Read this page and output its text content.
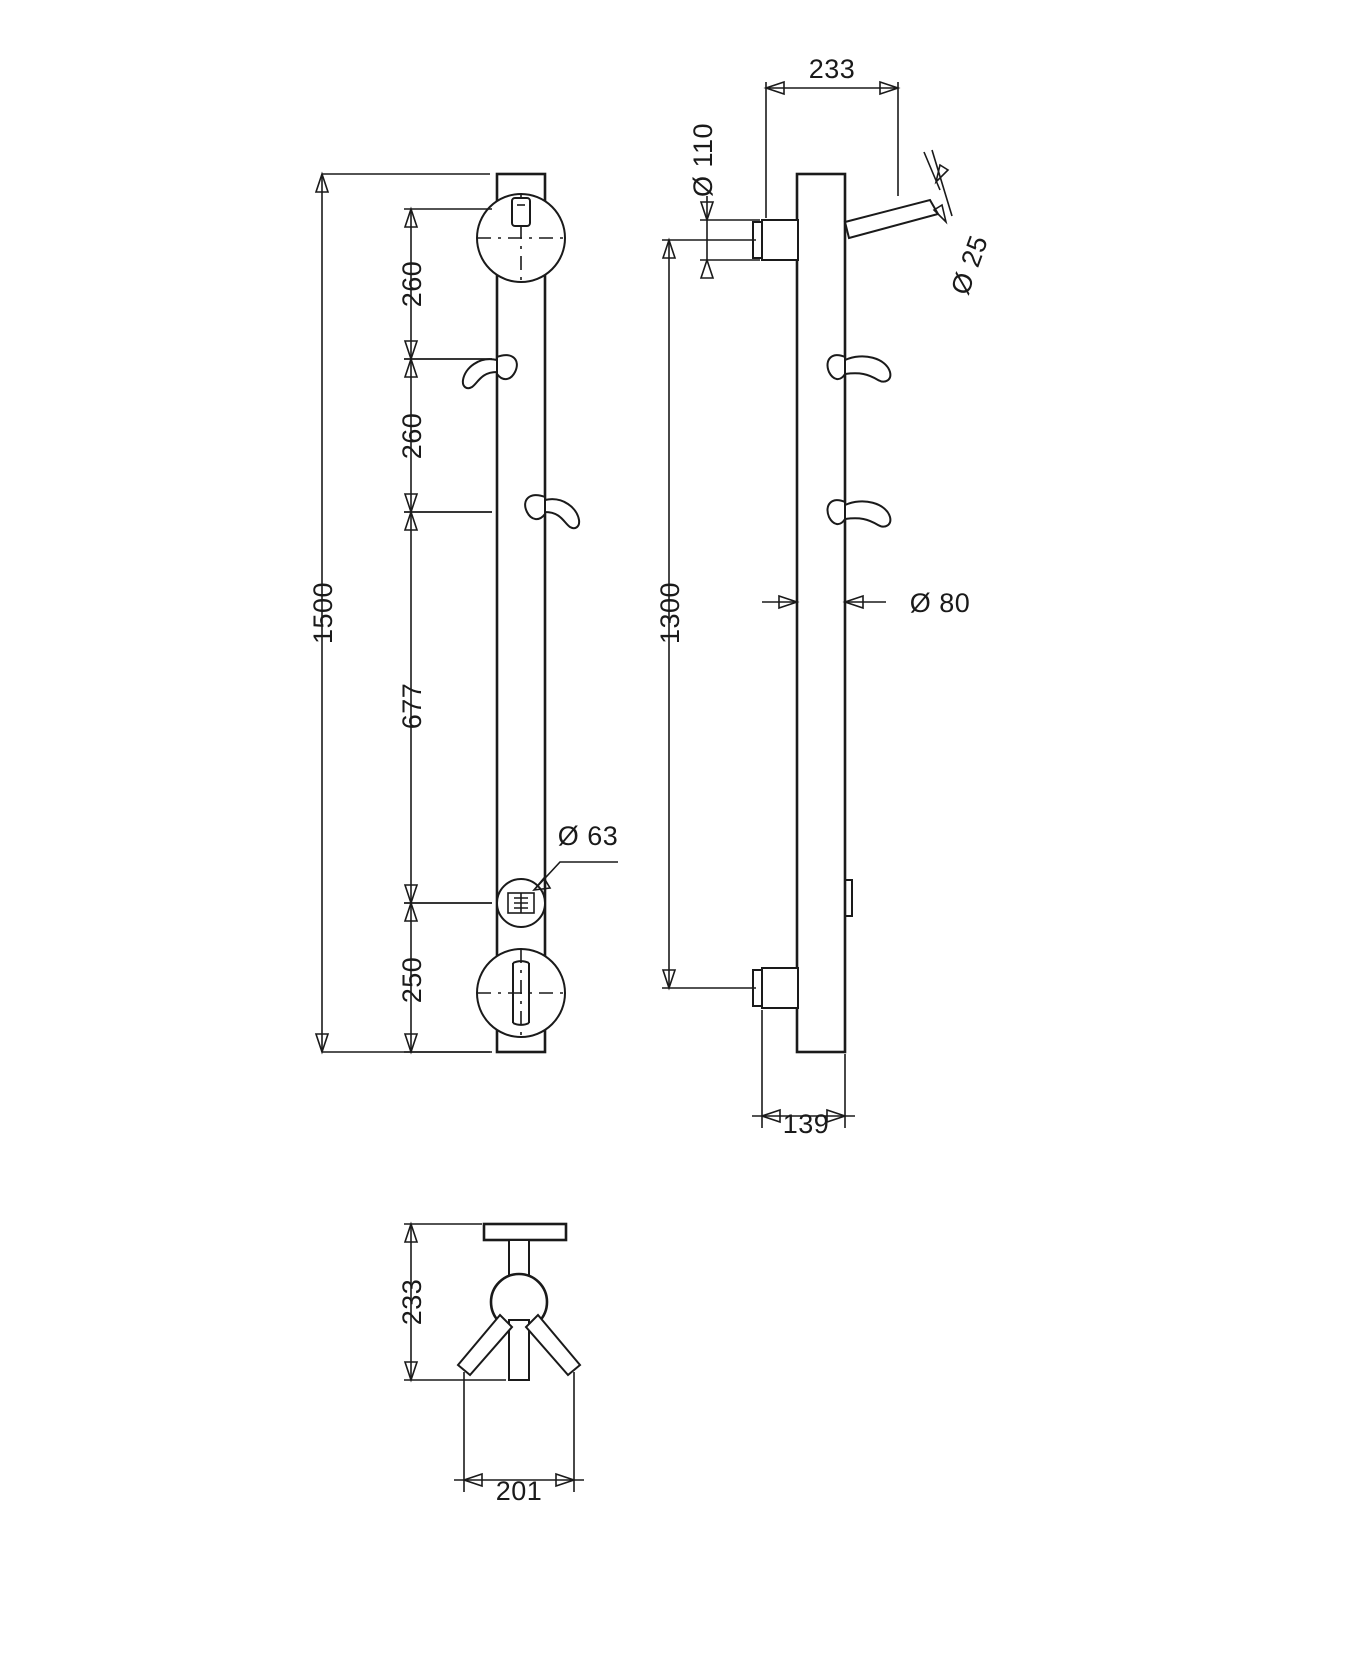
1500
260
260
677
250
Ø 63
233
Ø 110
Ø 25
1300	Ø 80
139
233
201
